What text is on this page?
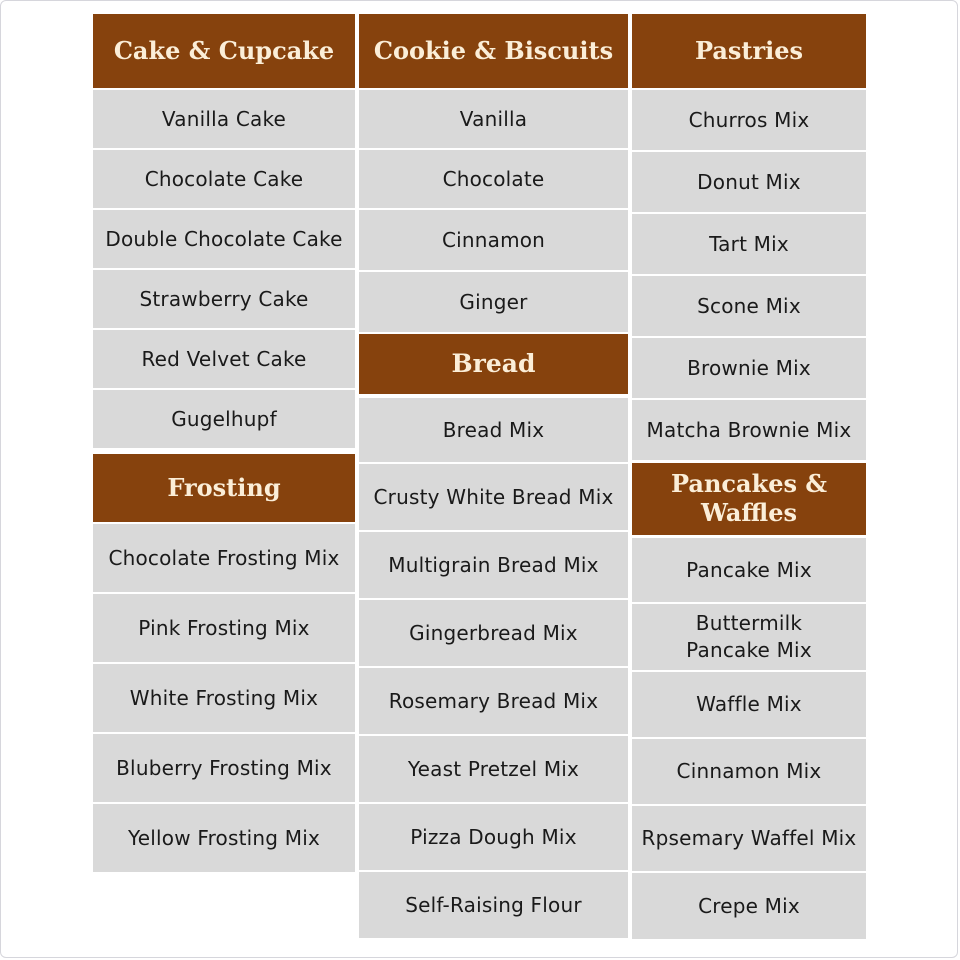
Cake & Cupcake
Vanilla Cake
Chocolate Cake
Double Chocolate Cake
Strawberry Cake
Red Velvet Cake
Gugelhupf
Frosting
Chocolate Frosting Mix
Pink Frosting Mix
White Frosting Mix
Bluberry Frosting Mix
Yellow Frosting Mix
Cookie & Biscuits
Vanilla
Chocolate
Cinnamon
Ginger
Bread
Bread Mix
Crusty White Bread Mix
Multigrain Bread Mix
Gingerbread Mix
Rosemary Bread Mix
Yeast Pretzel Mix
Pizza Dough Mix
Self-Raising Flour
Pastries
Churros Mix
Donut Mix
Tart Mix
Scone Mix
Brownie Mix
Matcha Brownie Mix
Pancakes & Waffles
Pancake Mix
Buttermilk Pancake Mix
Waffle Mix
Cinnamon Mix
Rpsemary Waffel Mix
Crepe Mix
